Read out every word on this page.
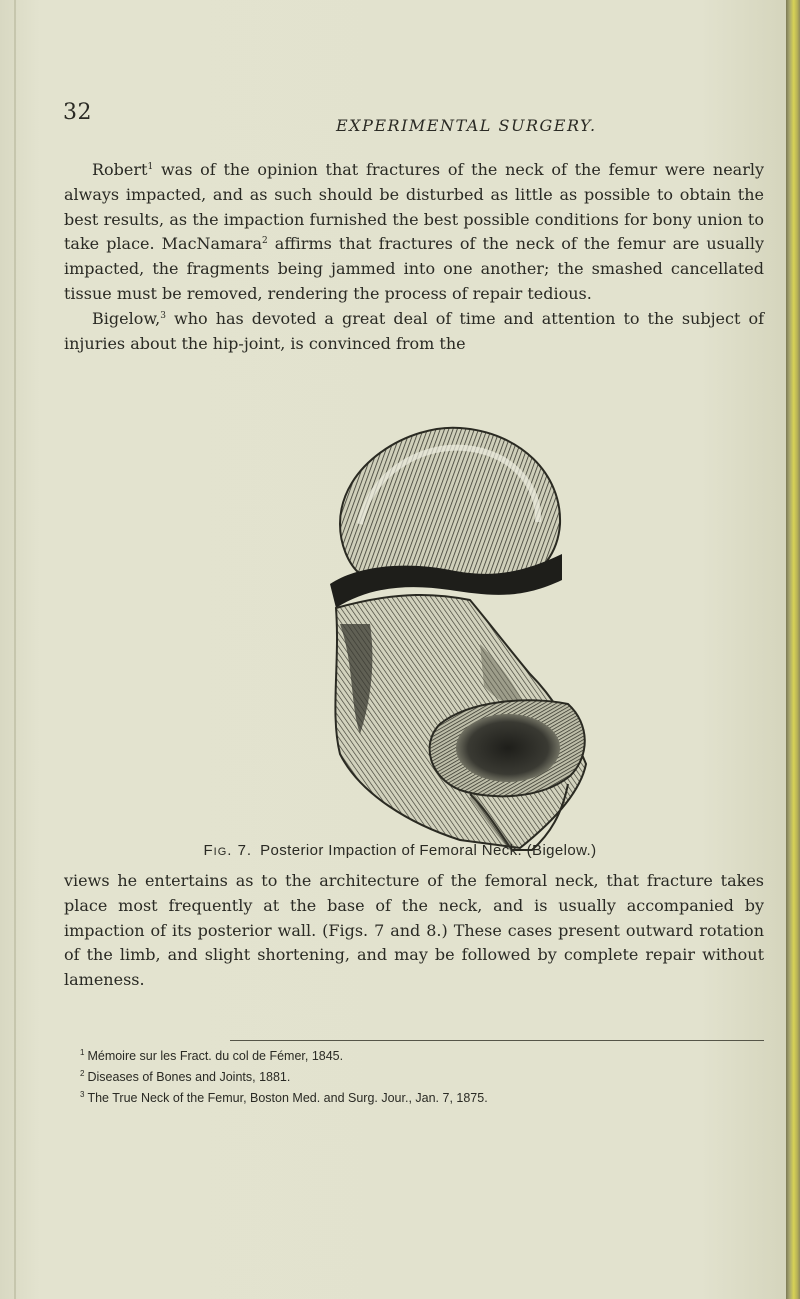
32
EXPERIMENTAL SURGERY.
Robert$^1$ was of the opinion that fractures of the neck of the femur were nearly always impacted, and as such should be disturbed as little as possible to obtain the best results, as the impaction furnished the best possible conditions for bony union to take place. MacNamara$^2$ affirms that fractures of the neck of the femur are usually impacted, the fragments being jammed into one another; the smashed cancellated tissue must be removed, rendering the process of repair tedious.
Bigelow,$^3$ who has devoted a great deal of time and attention to the subject of injuries about the hip-joint, is convinced from the
Fig. 7. Posterior Impaction of Femoral Neck. (Bigelow.)
views he entertains as to the architecture of the femoral neck, that fracture takes place most frequently at the base of the neck, and is usually accompanied by impaction of its posterior wall. (Figs. 7 and 8.) These cases present outward rotation of the limb, and slight shortening, and may be followed by complete repair without lameness.
$^1$ Mémoire sur les Fract. du col de Fémer, 1845.
$^2$ Diseases of Bones and Joints, 1881.
$^3$ The True Neck of the Femur, Boston Med. and Surg. Jour., Jan. 7, 1875.
